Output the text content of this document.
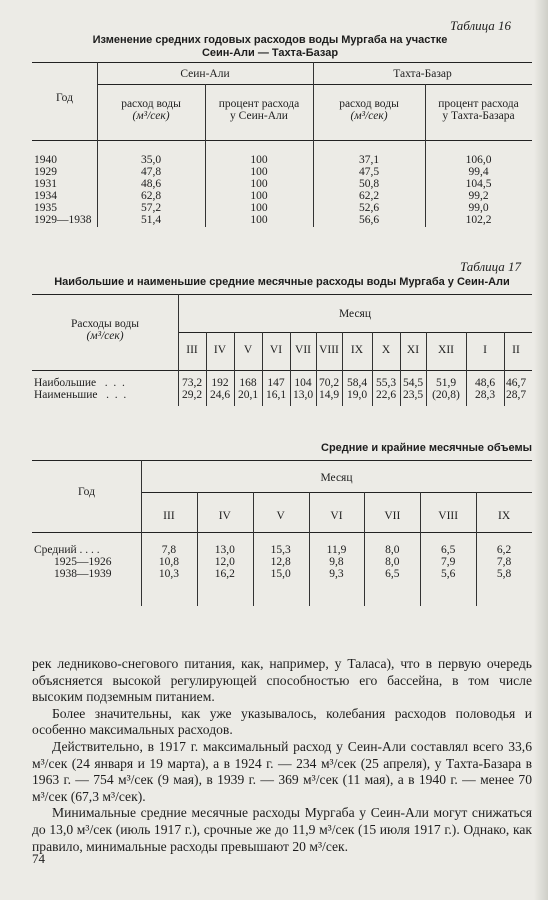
Таблица 16
Изменение средних годовых расходов воды Мургаба на участке
Сеин-Али — Тахта-Базар
Год
Сеин-Али	Тахта-Базар
расход воды
(м³/сек)
процент расхода
у Сеин-Али
расход воды
(м³/сек)
процент расхода
у Тахта-Базара
1940
1929
1931
1934
1935
1929—1938
35,0
47,8
48,6
62,8
57,2
51,4
100
100
100
100
100
100
37,1
47,5
50,8
62,2
52,6
56,6
106,0
99,4
104,5
99,2
99,0
102,2
Таблица 17
Наибольшие и наименьшие средние месячные расходы воды Мургаба у Сеин-Али
Расходы воды
(м³/сек)
Месяц
III
73,2
29,2
IV
192
24,6
V
168
20,1
VI
147
16,1
VII
104
13,0
VIII
70,2
14,9
IX
58,4
19,0
X
55,3
22,6
XI
54,5
23,5
XII
51,9
(20,8)
I
48,6
28,3
II
46,7
28,7
Наибольшие   .  .  .
Наименьшие   .  .  .
Средние и крайние месячные объемы
Год
Месяц
III
7,8
10,8
10,3
IV
13,0
12,0
16,2
V
15,3
12,8
15,0
VI
11,9
9,8
9,3
VII
8,0
8,0
6,5
VIII
6,5
7,9
5,6
IX
6,2
7,8
5,8
Средний . . . .
1925—1926
1938—1939

рек ледниково-снегового питания, как, например, у Таласа), что в первую очередь объясняется высокой регулирующей способностью его бассейна, в том числе высоким подземным питанием.

Более значительны, как уже указывалось, колебания расходов половодья и особенно максимальных расходов.

Действительно, в 1917 г. максимальный расход у Сеин-Али составлял всего 33,6 м³/сек (24 января и 19 марта), а в 1924 г. — 234 м³/сек (25 апреля), у Тахта-Базара в 1963 г. — 754 м³/сек (9 мая), в 1939 г. — 369 м³/сек (11 мая), а в 1940 г. — менее 70 м³/сек (67,3 м³/сек).

Минимальные средние месячные расходы Мургаба у Сеин-Али могут снижаться до 13,0 м³/сек (июль 1917 г.), срочные же до 11,9 м³/сек (15 июля 1917 г.). Однако, как правило, минимальные расходы превышают 20 м³/сек.

74
